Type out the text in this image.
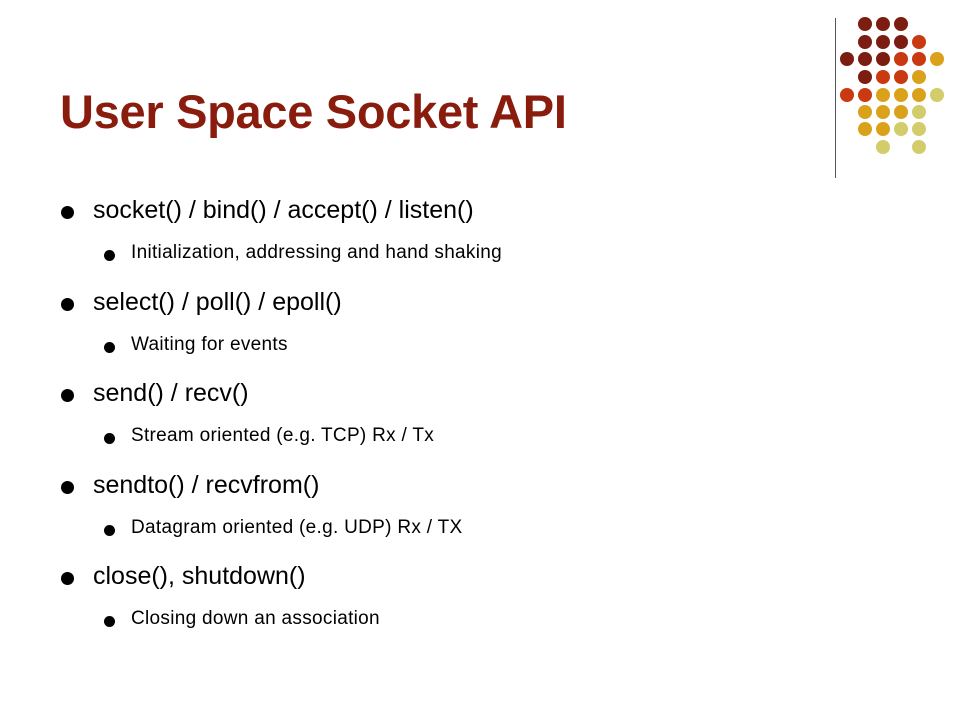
User Space Socket API
socket() / bind() / accept() / listen()
Initialization, addressing and hand shaking
select() / poll() / epoll()
Waiting for events
send() / recv()
Stream oriented (e.g. TCP) Rx / Tx
sendto() / recvfrom()
Datagram oriented (e.g. UDP) Rx / TX
close(), shutdown()
Closing down an association
